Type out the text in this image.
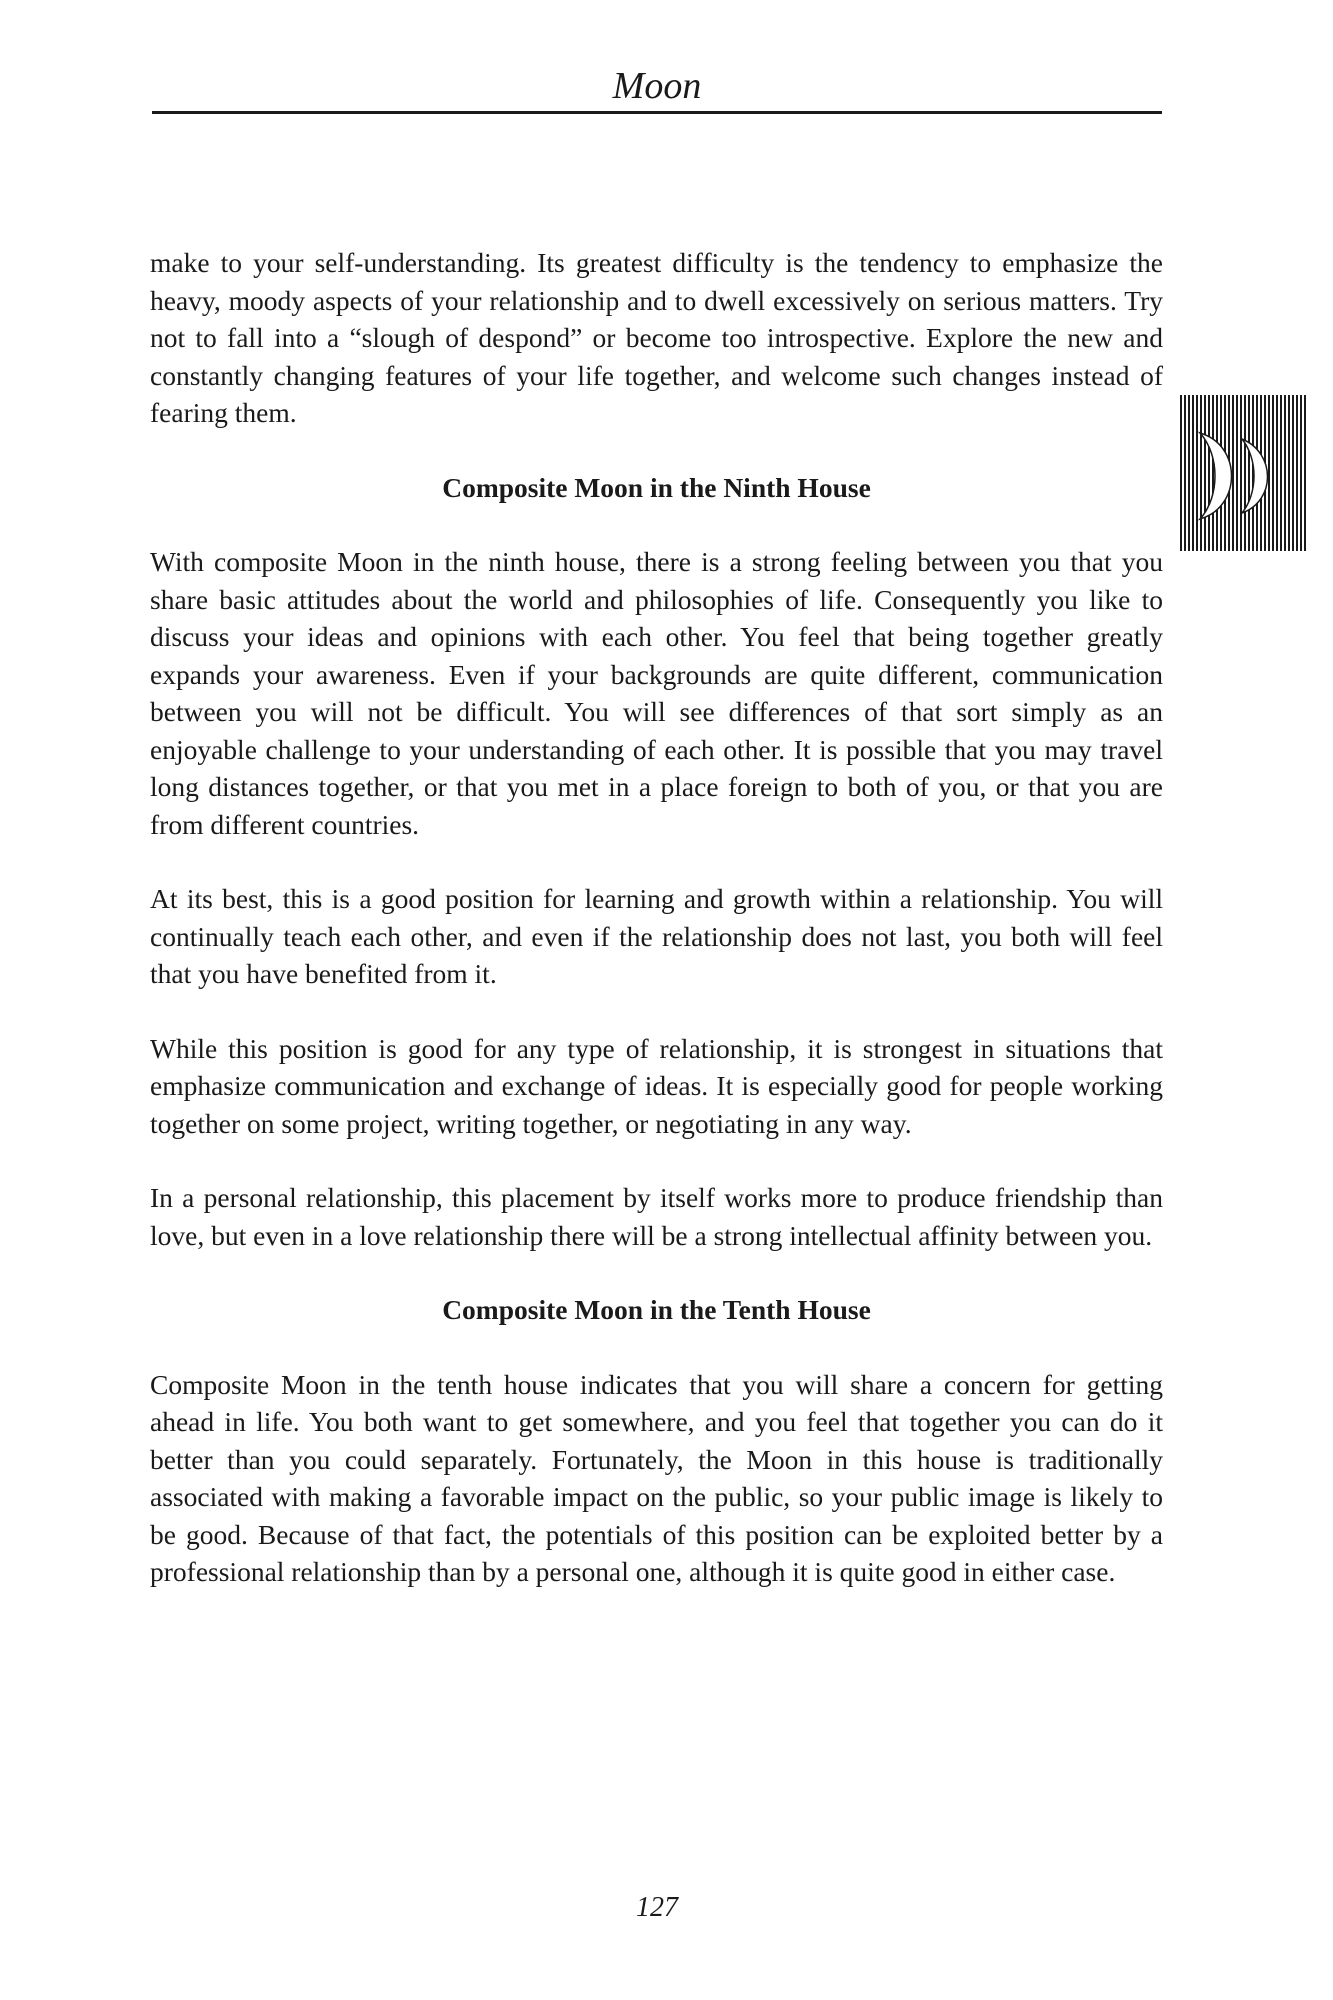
Moon

make to your self-understanding. Its greatest difficulty is the tendency to emphasize the heavy, moody aspects of your relationship and to dwell excessively on serious matters. Try not to fall into a “slough of despond” or become too introspective. Explore the new and constantly changing features of your life together, and welcome such changes instead of fearing them.

Composite Moon in the Ninth House

With composite Moon in the ninth house, there is a strong feeling between you that you share basic attitudes about the world and philosophies of life. Consequently you like to discuss your ideas and opinions with each other. You feel that being together greatly expands your awareness. Even if your backgrounds are quite different, communication between you will not be difficult. You will see differences of that sort simply as an enjoyable challenge to your understanding of each other. It is possible that you may travel long distances together, or that you met in a place foreign to both of you, or that you are from different countries.

At its best, this is a good position for learning and growth within a relationship. You will continually teach each other, and even if the relationship does not last, you both will feel that you have benefited from it.

While this position is good for any type of relationship, it is strongest in situations that emphasize communication and exchange of ideas. It is especially good for people working together on some project, writing together, or negotiating in any way.

In a personal relationship, this placement by itself works more to produce friendship than love, but even in a love relationship there will be a strong intellectual affinity between you.

Composite Moon in the Tenth House

Composite Moon in the tenth house indicates that you will share a concern for getting ahead in life. You both want to get somewhere, and you feel that together you can do it better than you could separately. Fortunately, the Moon in this house is traditionally associated with making a favorable impact on the public, so your public image is likely to be good. Because of that fact, the potentials of this position can be exploited better by a professional relationship than by a personal one, although it is quite good in either case.

127
